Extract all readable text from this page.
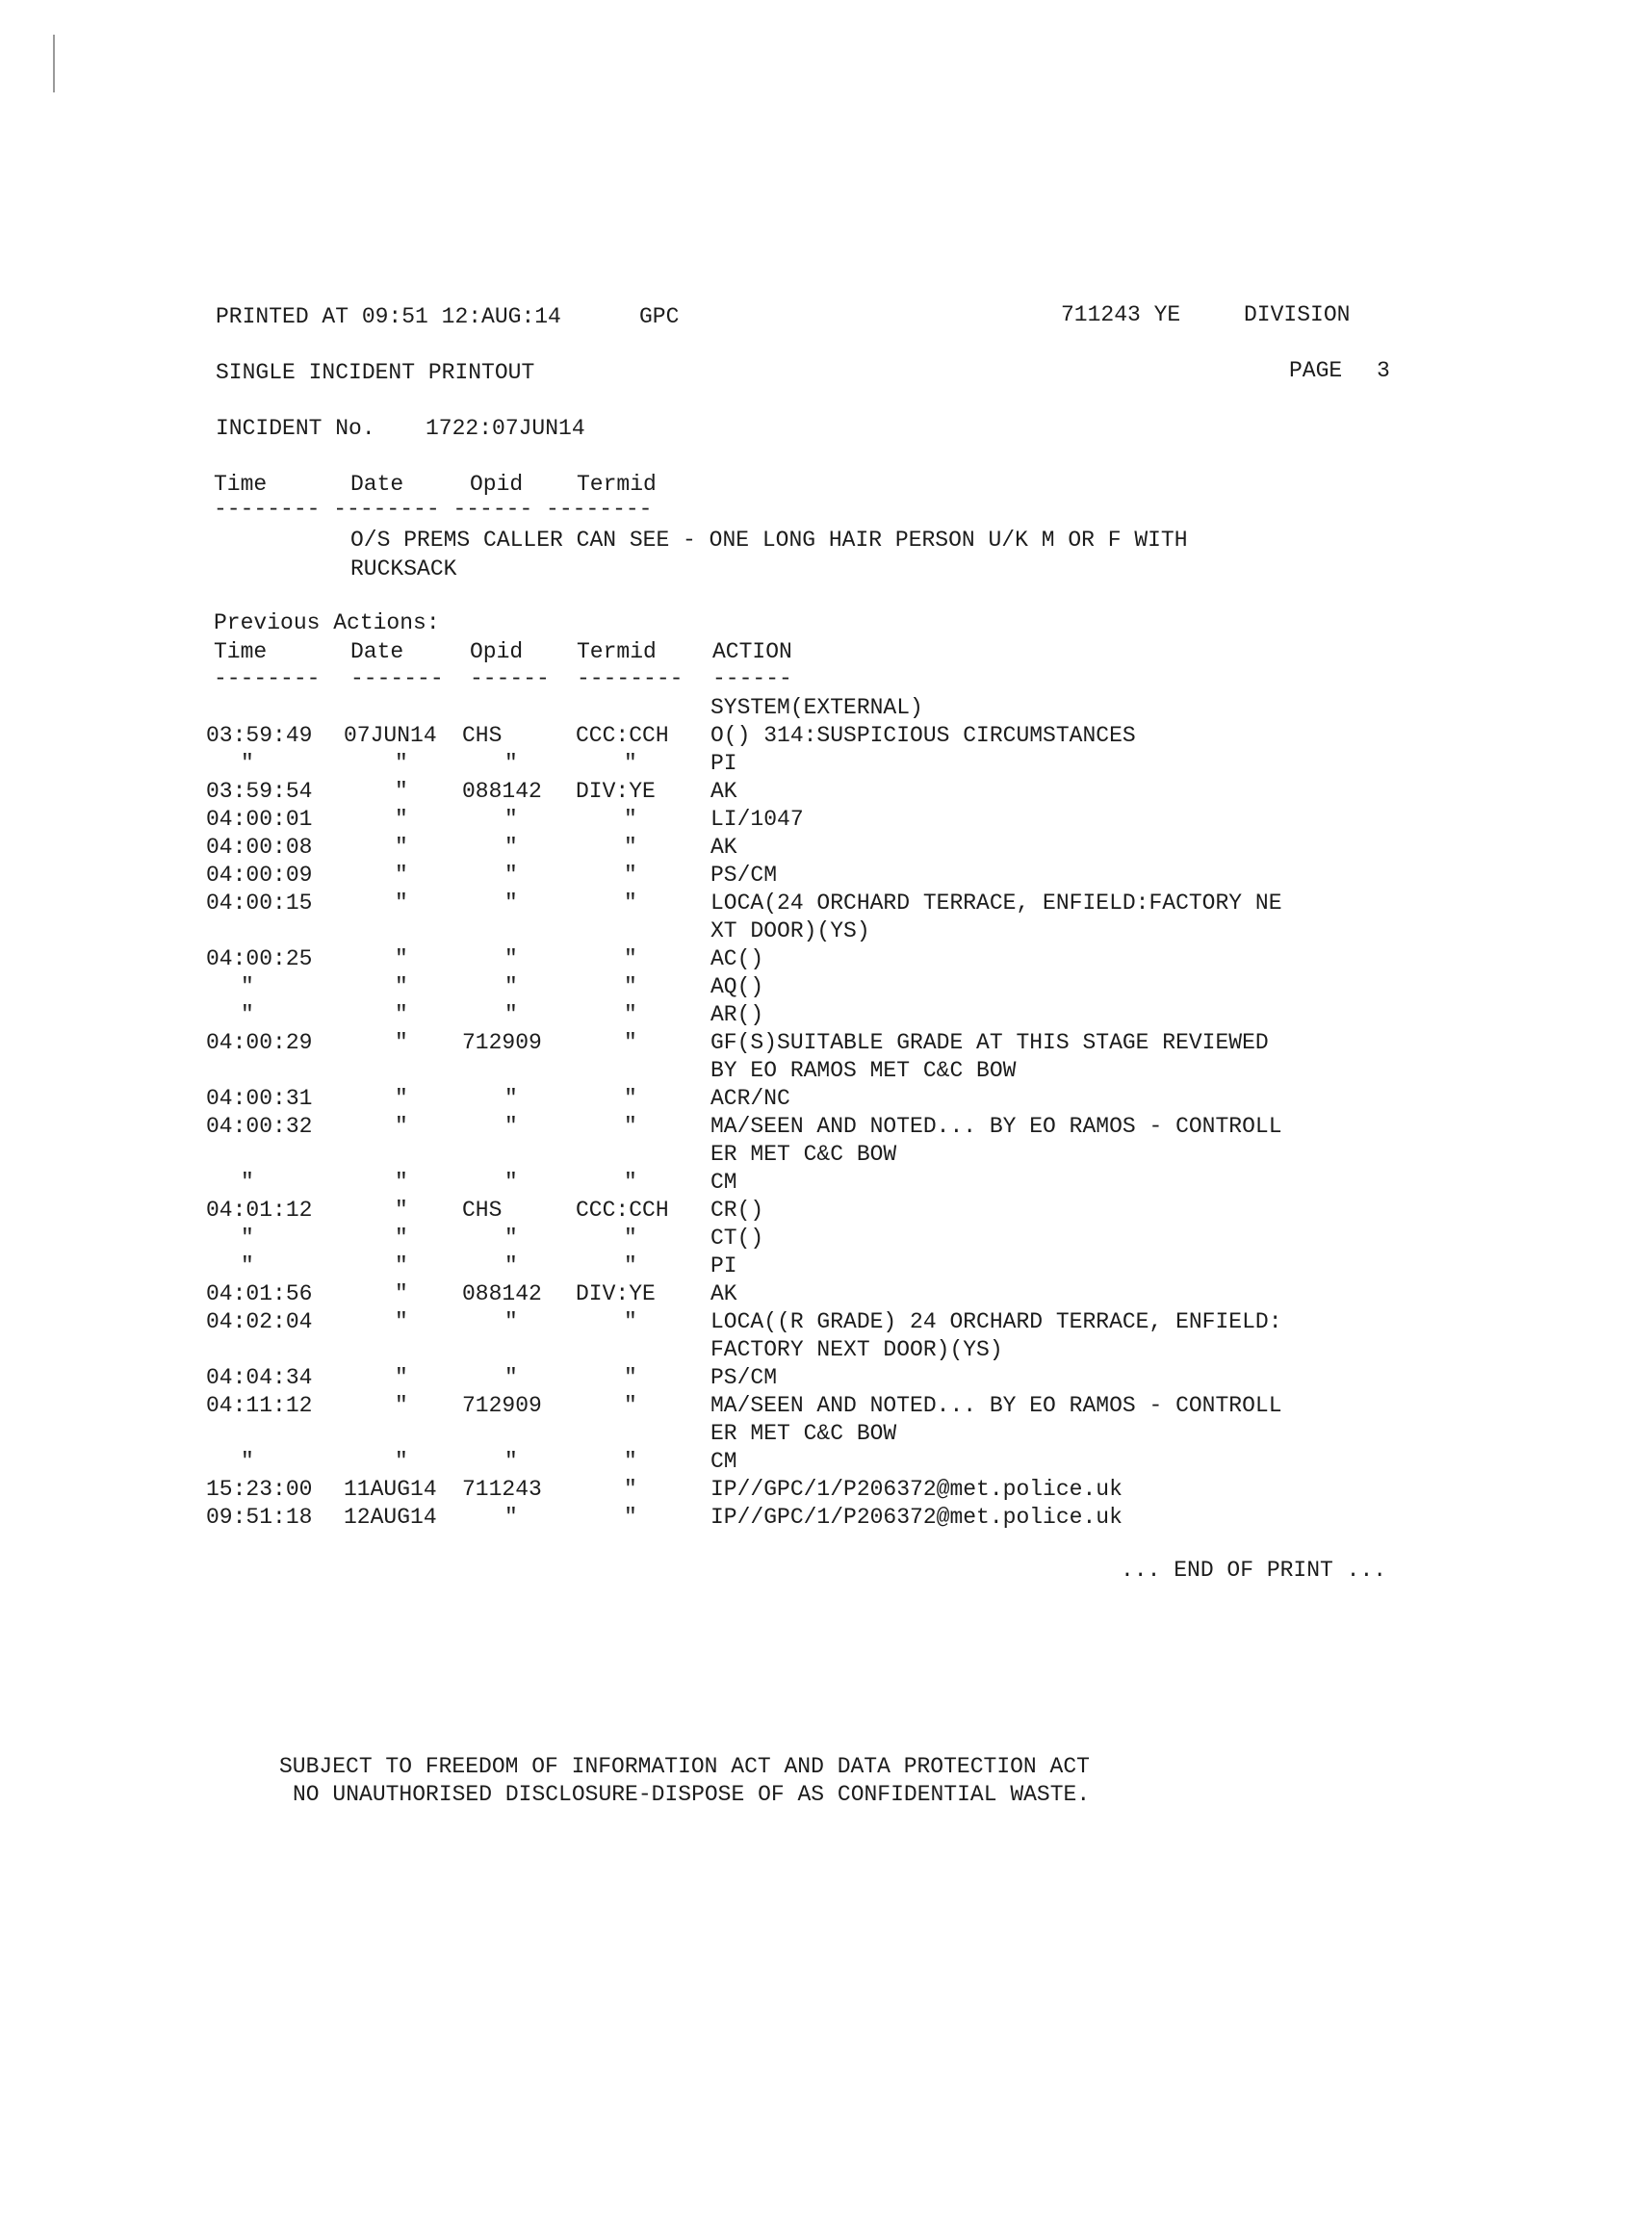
PRINTED AT 09:51 12:AUG:14	GPC	711243 YE	DIVISION
SINGLE INCIDENT PRINTOUT	PAGE 3
INCIDENT No. 1722:07JUN14
Time	Date	Opid Termid
-------- -------- ------ --------
O/S PREMS CALLER CAN SEE - ONE LONG HAIR PERSON U/K M OR F WITH
RUCKSACK
Previous Actions:
Time	Date	Opid Termid	ACTION
-------- ------- ------ -------- ------
SYSTEM(EXTERNAL)
03:59:49 07JUN14 CHS	CCC:CCH O() 314:SUSPICIOUS CIRCUMSTANCES
"	"	"	"	PI
03:59:54	" 088142 DIV:YE AK
04:00:01	"	"	"	LI/1047
04:00:08	"	"	"	AK
04:00:09	"	"	"	PS/CM
04:00:15	"	"	"	LOCA(24 ORCHARD TERRACE, ENFIELD:FACTORY NE
XT DOOR)(YS)
04:00:25	"	"	"	AC()
"	"	"	"	AQ()
"	"	"	"	AR()
04:00:29	" 712909	"	GF(S)SUITABLE GRADE AT THIS STAGE REVIEWED
BY EO RAMOS MET C&C BOW
04:00:31	"	"	"	ACR/NC
04:00:32	"	"	"	MA/SEEN AND NOTED... BY EO RAMOS - CONTROLL
ER MET C&C BOW
"	"	"	"	CM
04:01:12	" CHS	CCC:CCH CR()
"	"	"	"	CT()
"	"	"	"	PI
04:01:56	" 088142 DIV:YE AK
04:02:04	"	"	"	LOCA((R GRADE) 24 ORCHARD TERRACE, ENFIELD:
FACTORY NEXT DOOR)(YS)
04:04:34	"	"	"	PS/CM
04:11:12	" 712909	"	MA/SEEN AND NOTED... BY EO RAMOS - CONTROLL
ER MET C&C BOW
"	"	"	"	CM
15:23:00 11AUG14 711243	"	IP//GPC/1/P206372@met.police.uk
09:51:18 12AUG14	"	"	IP//GPC/1/P206372@met.police.uk
... END OF PRINT ...
SUBJECT TO FREEDOM OF INFORMATION ACT AND DATA PROTECTION ACT
NO UNAUTHORISED DISCLOSURE-DISPOSE OF AS CONFIDENTIAL WASTE.
